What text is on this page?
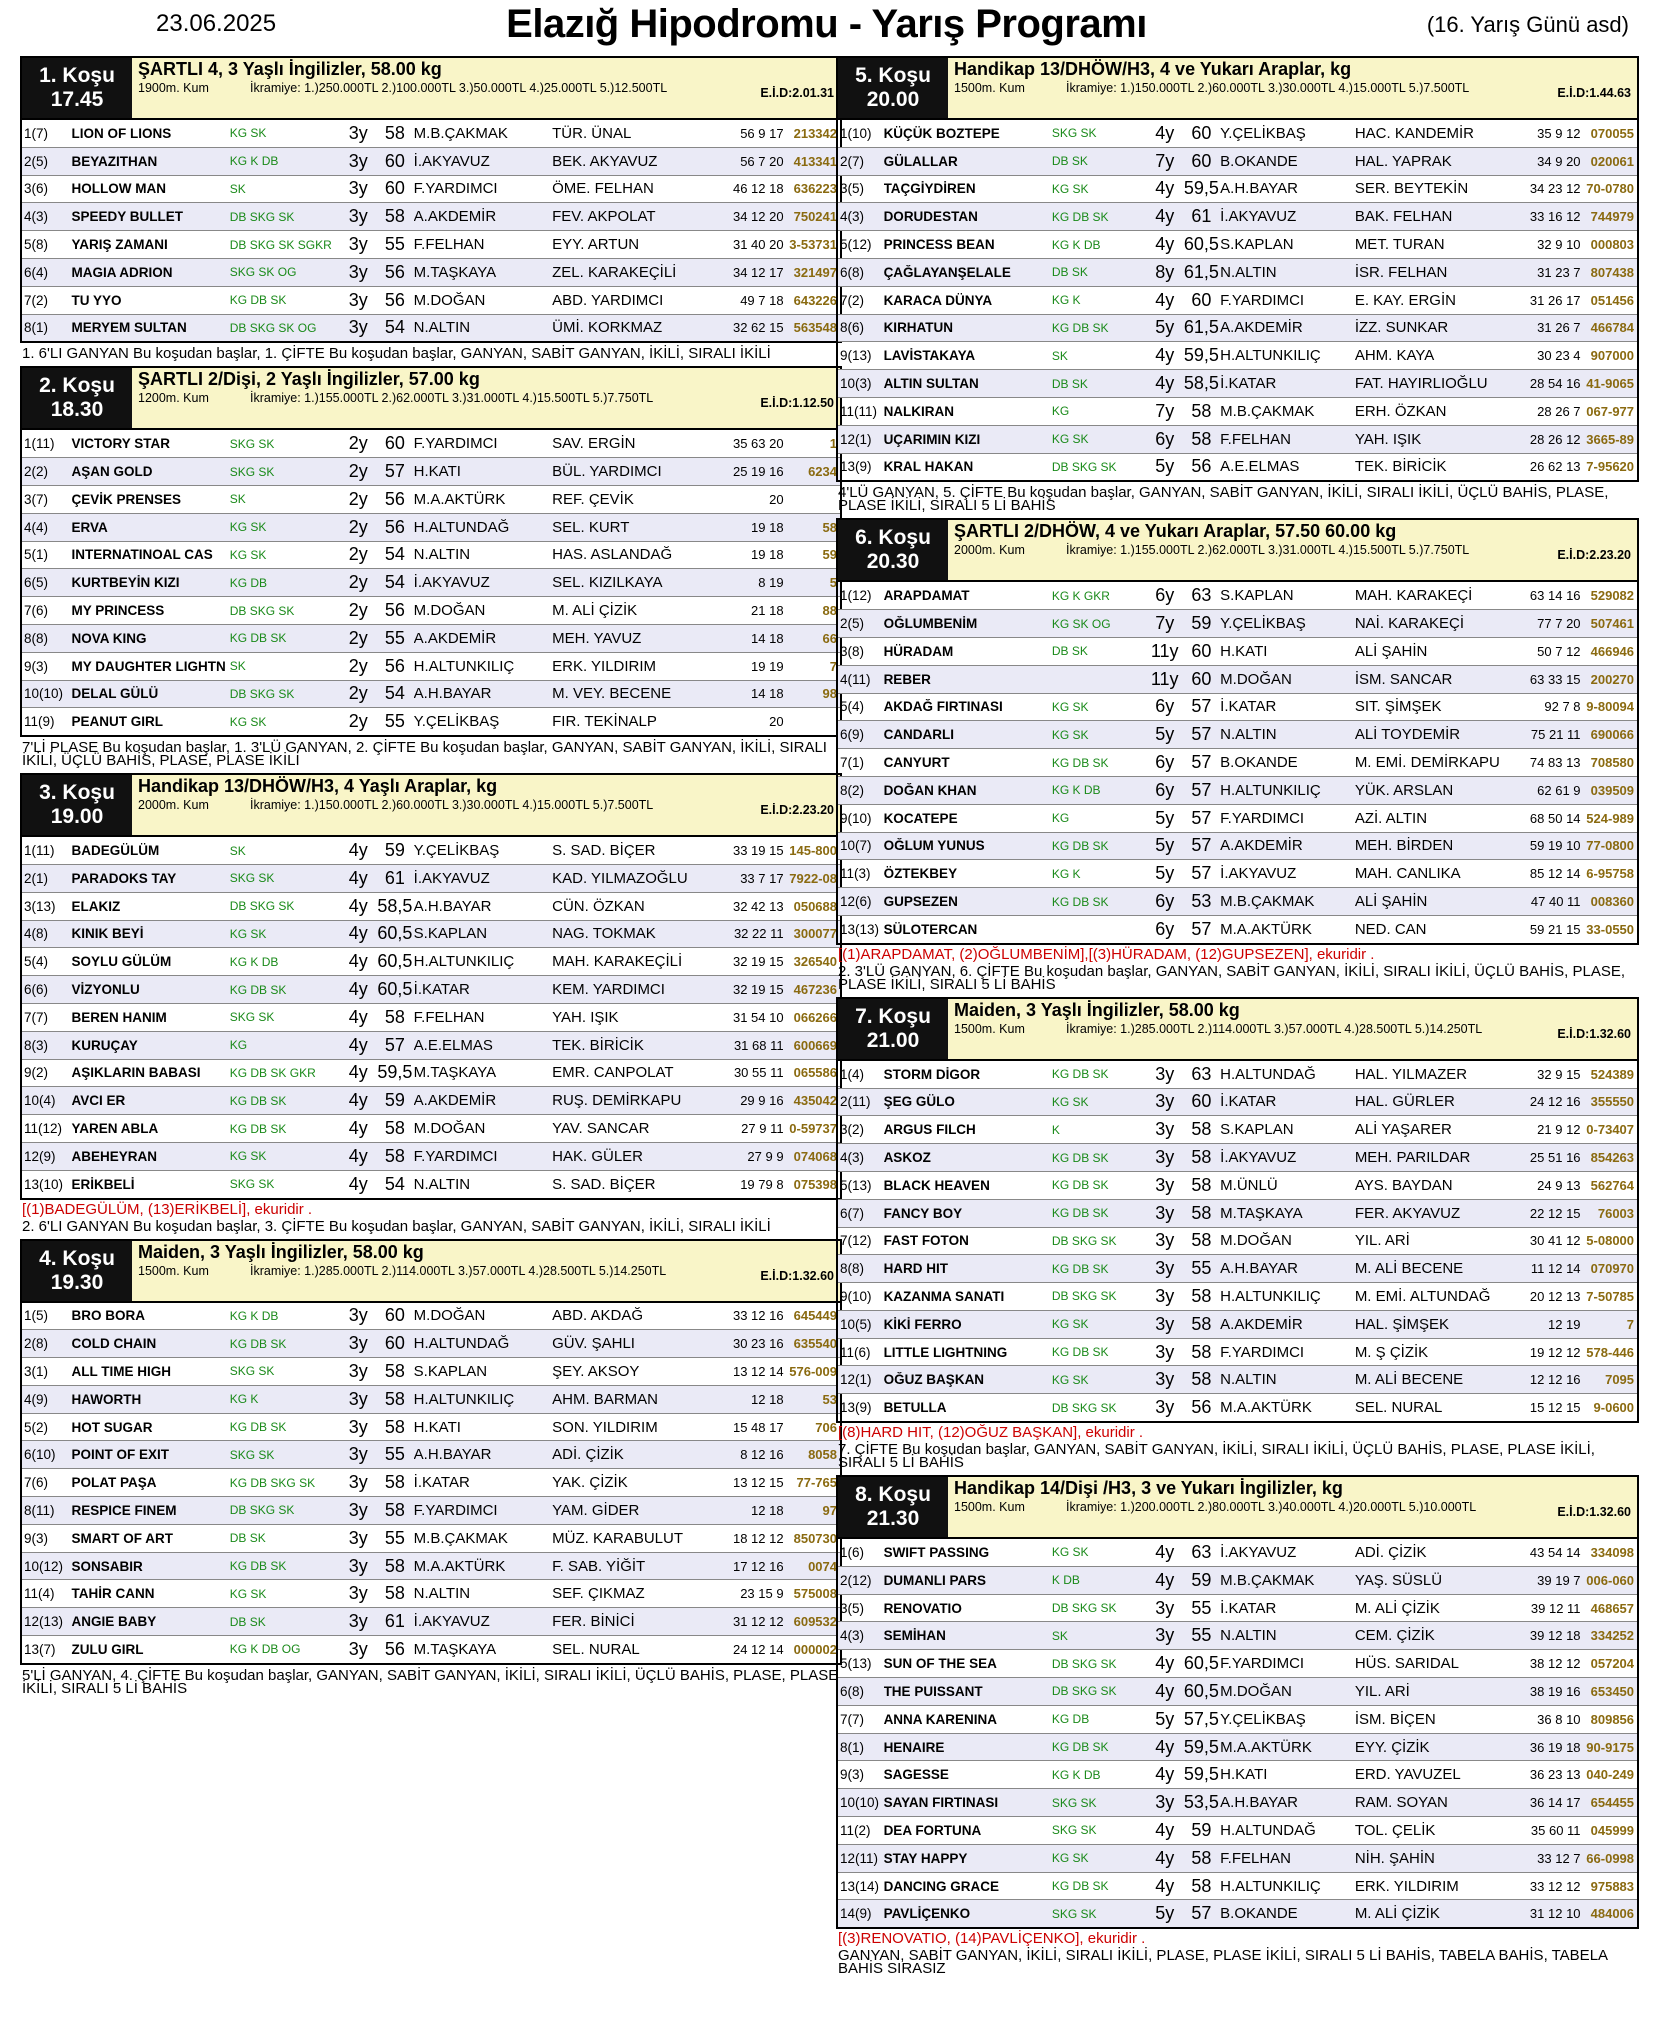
23.06.2025	Elazığ Hipodromu - Yarış Programı	(16. Yarış Günü asd)
1. Koşu
17.45
ŞARTLI 4, 3 Yaşlı İngilizler, 58.00 kg
1900m. Kum	İkramiye: 1.)250.000TL 2.)100.000TL 3.)50.000TL 4.)25.000TL 5.)12.500TL	E.İ.D:2.01.31
1(7)	LION OF LIONS	KG SK	3y 58 M.B.ÇAKMAK	TÜR. ÜNAL	56 9 17 213342
2(5)	BEYAZITHAN	KG K DB	3y 60 İ.AKYAVUZ	BEK. AKYAVUZ	56 7 20 413341
3(6)	HOLLOW MAN	SK	3y 60 F.YARDIMCI	ÖME. FELHAN	46 12 18 636223
4(3)	SPEEDY BULLET	DB SKG SK	3y 58 A.AKDEMİR	FEV. AKPOLAT	34 12 20 750241
5(8)	YARIŞ ZAMANI	DB SKG SK SGKR 3y 55 F.FELHAN	EYY. ARTUN	31 40 20 3-53731
6(4)	MAGIA ADRION	SKG SK OG	3y 56 M.TAŞKAYA	ZEL. KARAKEÇİLİ	34 12 17 321497
7(2)	TU YYO	KG DB SK	3y 56 M.DOĞAN	ABD. YARDIMCI	49 7 18 643226
8(1)	MERYEM SULTAN	DB SKG SK OG	3y 54 N.ALTIN	ÜMİ. KORKMAZ	32 62 15 563548
1. 6'LI GANYAN Bu koşudan başlar, 1. ÇİFTE Bu koşudan başlar, GANYAN, SABİT GANYAN, İKİLİ, SIRALI İKİLİ
2. Koşu
18.30
ŞARTLI 2/Dişi, 2 Yaşlı İngilizler, 57.00 kg
1200m. Kum	İkramiye: 1.)155.000TL 2.)62.000TL 3.)31.000TL 4.)15.500TL 5.)7.750TL	E.İ.D:1.12.50
1(11)	VICTORY STAR	SKG SK	2y 60 F.YARDIMCI	SAV. ERGİN	35 63 20	1
2(2)	AŞAN GOLD	SKG SK	2y 57 H.KATI	BÜL. YARDIMCI	25 19 16	6234
3(7)	ÇEVİK PRENSES	SK	2y 56 M.A.AKTÜRK	REF. ÇEVİK	20
4(4)	ERVA	KG SK	2y 56 H.ALTUNDAĞ	SEL. KURT	19 18	58
5(1)	INTERNATINOAL CAS	KG SK	2y 54 N.ALTIN	HAS. ASLANDAĞ	19 18	59
6(5)	KURTBEYİN KIZI	KG DB	2y 54 İ.AKYAVUZ	SEL. KIZILKAYA	8 19	5
7(6)	MY PRINCESS	DB SKG SK	2y 56 M.DOĞAN	M. ALİ ÇİZİK	21 18	88
8(8)	NOVA KING	KG DB SK	2y 55 A.AKDEMİR	MEH. YAVUZ	14 18	66
9(3)	MY DAUGHTER LIGHTN SK	2y 56 H.ALTUNKILIÇ	ERK. YILDIRIM	19 19	7
10(10) DELAL GÜLÜ	DB SKG SK	2y 54 A.H.BAYAR	M. VEY. BECENE	14 18	98
11(9)	PEANUT GIRL	KG SK	2y 55 Y.ÇELİKBAŞ	FIR. TEKİNALP	20
7'Lİ PLASE Bu koşudan başlar, 1. 3'LÜ GANYAN, 2. ÇİFTE Bu koşudan başlar, GANYAN, SABİT GANYAN, İKİLİ, SIRALI İKİLİ, ÜÇLÜ BAHİS, PLASE, PLASE İKİLİ
3. Koşu
19.00
Handikap 13/DHÖW/H3, 4 Yaşlı Araplar, kg
2000m. Kum	İkramiye: 1.)150.000TL 2.)60.000TL 3.)30.000TL 4.)15.000TL 5.)7.500TL	E.İ.D:2.23.20
1(11)	BADEGÜLÜM	SK	4y 59 Y.ÇELİKBAŞ	S. SAD. BİÇER	33 19 15 145-800
2(1)	PARADOKS TAY	SKG SK	4y 61 İ.AKYAVUZ	KAD. YILMAZOĞLU	33 7 17 7922-08
3(13)	ELAKIZ	DB SKG SK	4y 58,5 A.H.BAYAR	CÜN. ÖZKAN	32 42 13 050688
4(8)	KINIK BEYİ	KG SK	4y 60,5 S.KAPLAN	NAG. TOKMAK	32 22 11 300077
5(4)	SOYLU GÜLÜM	KG K DB	4y 60,5 H.ALTUNKILIÇ	MAH. KARAKEÇİLİ	32 19 15 326540
6(6)	VİZYONLU	KG DB SK	4y 60,5 İ.KATAR	KEM. YARDIMCI	32 19 15 467236
7(7)	BEREN HANIM	SKG SK	4y 58 F.FELHAN	YAH. IŞIK	31 54 10 066266
8(3)	KURUÇAY	KG	4y 57 A.E.ELMAS	TEK. BİRİCİK	31 68 11 600669
9(2)	AŞIKLARIN BABASI	KG DB SK GKR	4y 59,5 M.TAŞKAYA	EMR. CANPOLAT	30 55 11 065586
10(4)	AVCI ER	KG DB SK	4y 59 A.AKDEMİR	RUŞ. DEMİRKAPU	29 9 16 435042
11(12) YAREN ABLA	KG DB SK	4y 58 M.DOĞAN	YAV. SANCAR	27 9 11 0-59737
12(9)	ABEHEYRAN	KG SK	4y 58 F.YARDIMCI	HAK. GÜLER	27 9 9 074068
13(10) ERİKBELİ	SKG SK	4y 54 N.ALTIN	S. SAD. BİÇER	19 79 8 075398
[(1)BADEGÜLÜM, (13)ERİKBELİ], ekuridir .
2. 6'LI GANYAN Bu koşudan başlar, 3. ÇİFTE Bu koşudan başlar, GANYAN, SABİT GANYAN, İKİLİ, SIRALI İKİLİ
4. Koşu
19.30
Maiden, 3 Yaşlı İngilizler, 58.00 kg
1500m. Kum	İkramiye: 1.)285.000TL 2.)114.000TL 3.)57.000TL 4.)28.500TL 5.)14.250TL	E.İ.D:1.32.60
1(5)	BRO BORA	KG K DB	3y 60 M.DOĞAN	ABD. AKDAĞ	33 12 16 645449
2(8)	COLD CHAIN	KG DB SK	3y 60 H.ALTUNDAĞ	GÜV. ŞAHLI	30 23 16 635540
3(1)	ALL TIME HIGH	SKG SK	3y 58 S.KAPLAN	ŞEY. AKSOY	13 12 14 576-009
4(9)	HAWORTH	KG K	3y 58 H.ALTUNKILIÇ	AHM. BARMAN	12 18	53
5(2)	HOT SUGAR	KG DB SK	3y 58 H.KATI	SON. YILDIRIM	15 48 17	706
6(10)	POINT OF EXIT	SKG SK	3y 55 A.H.BAYAR	ADİ. ÇİZİK	8 12 16	8058
7(6)	POLAT PAŞA	KG DB SKG SK	3y 58 İ.KATAR	YAK. ÇİZİK	13 12 15 77-765
8(11)	RESPICE FINEM	DB SKG SK	3y 58 F.YARDIMCI	YAM. GİDER	12 18	97
9(3)	SMART OF ART	DB SK	3y 55 M.B.ÇAKMAK	MÜZ. KARABULUT	18 12 12 850730
10(12) SONSABIR	KG DB SK	3y 58 M.A.AKTÜRK	F. SAB. YİĞİT	17 12 16	0074
11(4)	TAHİR CANN	KG SK	3y 58 N.ALTIN	SEF. ÇIKMAZ	23 15 9 575008
12(13) ANGIE BABY	DB SK	3y 61 İ.AKYAVUZ	FER. BİNİCİ	31 12 12 609532
13(7)	ZULU GIRL	KG K DB OG	3y 56 M.TAŞKAYA	SEL. NURAL	24 12 14 000002
5'Lİ GANYAN, 4. ÇİFTE Bu koşudan başlar, GANYAN, SABİT GANYAN, İKİLİ, SIRALI İKİLİ, ÜÇLÜ BAHİS, PLASE, PLASE İKİLİ, SIRALI 5 Lİ BAHİS
5. Koşu
20.00
Handikap 13/DHÖW/H3, 4 ve Yukarı Araplar, kg
1500m. Kum	İkramiye: 1.)150.000TL 2.)60.000TL 3.)30.000TL 4.)15.000TL 5.)7.500TL	E.İ.D:1.44.63
1(10) KÜÇÜK BOZTEPE	SKG SK	4y 60 Y.ÇELİKBAŞ	HAC. KANDEMİR	35 9 12 070055
2(7)	GÜLALLAR	DB SK	7y 60 B.OKANDE	HAL. YAPRAK	34 9 20 020061
3(5)	TAÇGİYDİREN	KG SK	4y 59,5 A.H.BAYAR	SER. BEYTEKİN	34 23 12 70-0780
4(3)	DORUDESTAN	KG DB SK	4y 61 İ.AKYAVUZ	BAK. FELHAN	33 16 12 744979
5(12) PRINCESS BEAN	KG K DB	4y 60,5 S.KAPLAN	MET. TURAN	32 9 10 000803
6(8)	ÇAĞLAYANŞELALE	DB SK	8y 61,5 N.ALTIN	İSR. FELHAN	31 23 7 807438
7(2)	KARACA DÜNYA	KG K	4y 60 F.YARDIMCI	E. KAY. ERGİN	31 26 17 051456
8(6)	KIRHATUN	KG DB SK	5y 61,5 A.AKDEMİR	İZZ. SUNKAR	31 26 7 466784
9(13) LAVİSTAKAYA	SK	4y 59,5 H.ALTUNKILIÇ	AHM. KAYA	30 23 4 907000
10(3) ALTIN SULTAN	DB SK	4y 58,5 İ.KATAR	FAT. HAYIRLIOĞLU	28 54 16 41-9065
11(11) NALKIRAN	KG	7y 58 M.B.ÇAKMAK	ERH. ÖZKAN	28 26 7 067-977
12(1) UÇARIMIN KIZI	KG SK	6y 58 F.FELHAN	YAH. IŞIK	28 26 12 3665-89
13(9) KRAL HAKAN	DB SKG SK	5y 56 A.E.ELMAS	TEK. BİRİCİK	26 62 13 7-95620
4'LÜ GANYAN, 5. ÇİFTE Bu koşudan başlar, GANYAN, SABİT GANYAN, İKİLİ, SIRALI İKİLİ, ÜÇLÜ BAHİS, PLASE, PLASE İKİLİ, SIRALI 5 Lİ BAHİS
6. Koşu
20.30
ŞARTLI 2/DHÖW, 4 ve Yukarı Araplar, 57.50 60.00 kg
2000m. Kum	İkramiye: 1.)155.000TL 2.)62.000TL 3.)31.000TL 4.)15.500TL 5.)7.750TL	E.İ.D:2.23.20
1(12) ARAPDAMAT	KG K GKR	6y 63 S.KAPLAN	MAH. KARAKEÇİ	63 14 16 529082
2(5)	OĞLUMBENİM	KG SK OG	7y 59 Y.ÇELİKBAŞ	NAİ. KARAKEÇİ	77 7 20 507461
3(8)	HÜRADAM	DB SK	11y 60 H.KATI	ALİ ŞAHİN	50 7 12 466946
4(11) REBER	11y 60 M.DOĞAN	İSM. SANCAR	63 33 15 200270
5(4)	AKDAĞ FIRTINASI	KG SK	6y 57 İ.KATAR	SIT. ŞİMŞEK	92 7 8 9-80094
6(9)	CANDARLI	KG SK	5y 57 N.ALTIN	ALİ TOYDEMİR	75 21 11 690066
7(1)	CANYURT	KG DB SK	6y 57 B.OKANDE	M. EMİ. DEMİRKAPU	74 83 13 708580
8(2)	DOĞAN KHAN	KG K DB	6y 57 H.ALTUNKILIÇ	YÜK. ARSLAN	62 61 9 039509
9(10) KOCATEPE	KG	5y 57 F.YARDIMCI	AZİ. ALTIN	68 50 14 524-989
10(7) OĞLUM YUNUS	KG DB SK	5y 57 A.AKDEMİR	MEH. BİRDEN	59 19 10 77-0800
11(3) ÖZTEKBEY	KG K	5y 57 İ.AKYAVUZ	MAH. CANLIKA	85 12 14 6-95758
12(6) GUPSEZEN	KG DB SK	6y 53 M.B.ÇAKMAK	ALİ ŞAHİN	47 40 11 008360
13(13) SÜLOTERCAN	6y 57 M.A.AKTÜRK	NED. CAN	59 21 15 33-0550
[(1)ARAPDAMAT, (2)OĞLUMBENİM],[(3)HÜRADAM, (12)GUPSEZEN], ekuridir .
2. 3'LÜ GANYAN, 6. ÇİFTE Bu koşudan başlar, GANYAN, SABİT GANYAN, İKİLİ, SIRALI İKİLİ, ÜÇLÜ BAHİS, PLASE, PLASE İKİLİ, SIRALI 5 Lİ BAHİS
7. Koşu
21.00
Maiden, 3 Yaşlı İngilizler, 58.00 kg
1500m. Kum	İkramiye: 1.)285.000TL 2.)114.000TL 3.)57.000TL 4.)28.500TL 5.)14.250TL	E.İ.D:1.32.60
1(4)	STORM DİGOR	KG DB SK	3y 63 H.ALTUNDAĞ	HAL. YILMAZER	32 9 15 524389
2(11) ŞEG GÜLO	KG SK	3y 60 İ.KATAR	HAL. GÜRLER	24 12 16 355550
3(2)	ARGUS FILCH	K	3y 58 S.KAPLAN	ALİ YAŞARER	21 9 12 0-73407
4(3)	ASKOZ	KG DB SK	3y 58 İ.AKYAVUZ	MEH. PARILDAR	25 51 16 854263
5(13) BLACK HEAVEN	KG DB SK	3y 58 M.ÜNLÜ	AYS. BAYDAN	24 9 13 562764
6(7)	FANCY BOY	KG DB SK	3y 58 M.TAŞKAYA	FER. AKYAVUZ	22 12 15	76003
7(12) FAST FOTON	DB SKG SK	3y 58 M.DOĞAN	YIL. ARİ	30 41 12 5-08000
8(8)	HARD HIT	KG DB SK	3y 55 A.H.BAYAR	M. ALİ BECENE	11 12 14 070970
9(10) KAZANMA SANATI	DB SKG SK	3y 58 H.ALTUNKILIÇ	M. EMİ. ALTUNDAĞ	20 12 13 7-50785
10(5) KİKİ FERRO	KG SK	3y 58 A.AKDEMİR	HAL. ŞİMŞEK	12 19	7
11(6) LITTLE LIGHTNING	KG DB SK	3y 58 F.YARDIMCI	M. Ş ÇİZİK	19 12 12 578-446
12(1) OĞUZ BAŞKAN	KG SK	3y 58 N.ALTIN	M. ALİ BECENE	12 12 16	7095
13(9) BETULLA	DB SKG SK	3y 56 M.A.AKTÜRK	SEL. NURAL	15 12 15	9-0600
[(8)HARD HIT, (12)OĞUZ BAŞKAN], ekuridir .
7. ÇİFTE Bu koşudan başlar, GANYAN, SABİT GANYAN, İKİLİ, SIRALI İKİLİ, ÜÇLÜ BAHİS, PLASE, PLASE İKİLİ, SIRALI 5 Lİ BAHİS
8. Koşu
21.30
Handikap 14/Dişi /H3, 3 ve Yukarı İngilizler, kg
1500m. Kum	İkramiye: 1.)200.000TL 2.)80.000TL 3.)40.000TL 4.)20.000TL 5.)10.000TL	E.İ.D:1.32.60
1(6)	SWIFT PASSING	KG SK	4y 63 İ.AKYAVUZ	ADİ. ÇİZİK	43 54 14 334098
2(12) DUMANLI PARS	K DB	4y 59 M.B.ÇAKMAK	YAŞ. SÜSLÜ	39 19 7 006-060
3(5)	RENOVATIO	DB SKG SK	3y 55 İ.KATAR	M. ALİ ÇİZİK	39 12 11 468657
4(3)	SEMİHAN	SK	3y 55 N.ALTIN	CEM. ÇİZİK	39 12 18 334252
5(13) SUN OF THE SEA	DB SKG SK	4y 60,5 F.YARDIMCI	HÜS. SARIDAL	38 12 12 057204
6(8)	THE PUISSANT	DB SKG SK	4y 60,5 M.DOĞAN	YIL. ARİ	38 19 16 653450
7(7)	ANNA KARENINA	KG DB	5y 57,5 Y.ÇELİKBAŞ	İSM. BİÇEN	36 8 10 809856
8(1)	HENAIRE	KG DB SK	4y 59,5 M.A.AKTÜRK	EYY. ÇİZİK	36 19 18 90-9175
9(3)	SAGESSE	KG K DB	4y 59,5 H.KATI	ERD. YAVUZEL	36 23 13 040-249
10(10) SAYAN FIRTINASI	SKG SK	3y 53,5 A.H.BAYAR	RAM. SOYAN	36 14 17 654455
11(2) DEA FORTUNA	SKG SK	4y 59 H.ALTUNDAĞ	TOL. ÇELİK	35 60 11 045999
12(11) STAY HAPPY	KG SK	4y 58 F.FELHAN	NİH. ŞAHİN	33 12 7 66-0998
13(14) DANCING GRACE	KG DB SK	4y 58 H.ALTUNKILIÇ	ERK. YILDIRIM	33 12 12 975883
14(9) PAVLİÇENKO	SKG SK	5y 57 B.OKANDE	M. ALİ ÇİZİK	31 12 10 484006
[(3)RENOVATIO, (14)PAVLİÇENKO], ekuridir .
GANYAN, SABİT GANYAN, İKİLİ, SIRALI İKİLİ, PLASE, PLASE İKİLİ, SIRALI 5 Lİ BAHİS, TABELA BAHİS, TABELA BAHİS SIRASIZ
